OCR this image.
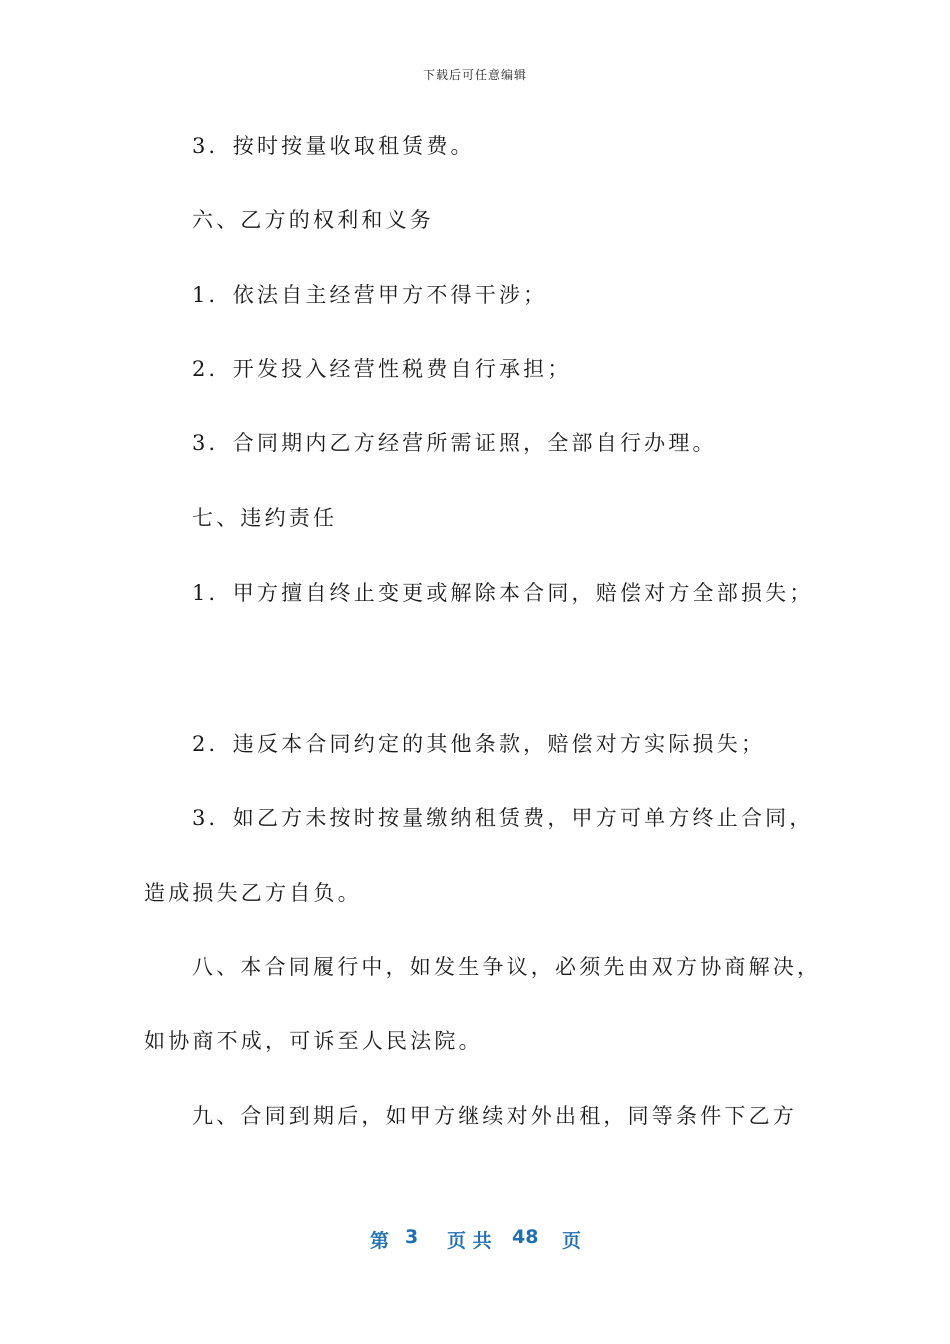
下载后可任意编辑
3．按时按量收取租赁费。
六、乙方的权利和义务
1．依法自主经营甲方不得干涉；
2．开发投入经营性税费自行承担；
3．合同期内乙方经营所需证照，全部自行办理。
七、违约责任
1．甲方擅自终止变更或解除本合同，赔偿对方全部损失；
2．违反本合同约定的其他条款，赔偿对方实际损失；
3．如乙方未按时按量缴纳租赁费，甲方可单方终止合同，
造成损失乙方自负。
八、本合同履行中，如发生争议，必须先由双方协商解决，
如协商不成，可诉至人民法院。
九、合同到期后，如甲方继续对外出租，同等条件下乙方
第 3 页 共 48 页
